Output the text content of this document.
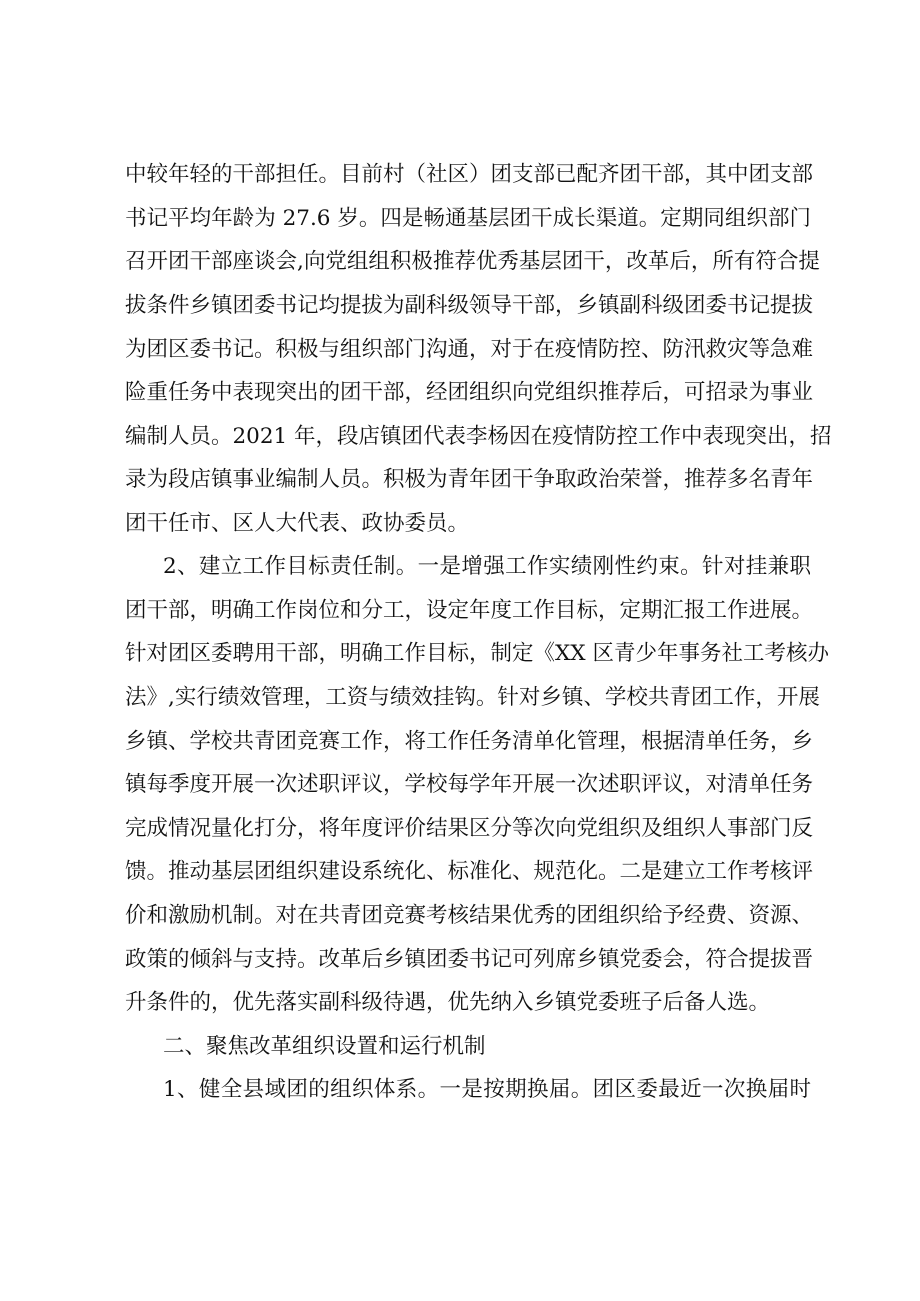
中较年轻的干部担任。目前村（社区）团支部已配齐团干部，其中团支部
书记平均年龄为 27.6 岁。四是畅通基层团干成长渠道。定期同组织部门
召开团干部座谈会,向党组组积极推荐优秀基层团干，改革后，所有符合提
拔条件乡镇团委书记均提拔为副科级领导干部，乡镇副科级团委书记提拔
为团区委书记。积极与组织部门沟通，对于在疫情防控、防汛救灾等急难
险重任务中表现突出的团干部，经团组织向党组织推荐后，可招录为事业
编制人员。2021 年，段店镇团代表李杨因在疫情防控工作中表现突出，招
录为段店镇事业编制人员。积极为青年团干争取政治荣誉，推荐多名青年
团干任市、区人大代表、政协委员。
2、建立工作目标责任制。一是增强工作实绩刚性约束。针对挂兼职
团干部，明确工作岗位和分工，设定年度工作目标，定期汇报工作进展。
针对团区委聘用干部，明确工作目标，制定《XX 区青少年事务社工考核办
法》,实行绩效管理，工资与绩效挂钩。针对乡镇、学校共青团工作，开展
乡镇、学校共青团竞赛工作，将工作任务清单化管理，根据清单任务，乡
镇每季度开展一次述职评议，学校每学年开展一次述职评议，对清单任务
完成情况量化打分，将年度评价结果区分等次向党组织及组织人事部门反
馈。推动基层团组织建设系统化、标准化、规范化。二是建立工作考核评
价和激励机制。对在共青团竞赛考核结果优秀的团组织给予经费、资源、
政策的倾斜与支持。改革后乡镇团委书记可列席乡镇党委会，符合提拔晋
升条件的，优先落实副科级待遇，优先纳入乡镇党委班子后备人选。
二、聚焦改革组织设置和运行机制
1、健全县域团的组织体系。一是按期换届。团区委最近一次换届时
